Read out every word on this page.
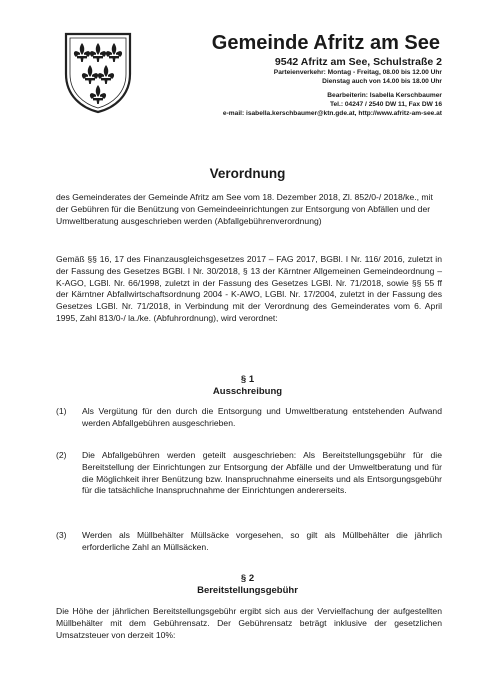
Gemeinde Afritz am See
9542 Afritz am See, Schulstraße 2
Parteienverkehr: Montag - Freitag, 08.00 bis 12.00 Uhr
Dienstag auch von 14.00 bis 18.00 Uhr
Bearbeiterin: Isabella Kerschbaumer
Tel.: 04247 / 2540 DW 11, Fax DW 16
e-mail: isabella.kerschbaumer@ktn.gde.at, http://www.afritz-am-see.at
Verordnung
des Gemeinderates der Gemeinde Afritz am See vom 18. Dezember 2018, Zl. 852/0-/ 2018/ke., mit der Gebühren für die Benützung von Gemeindeeinrichtungen zur Entsorgung von Abfällen und der Umweltberatung ausgeschrieben werden (Abfallgebührenverordnung)
Gemäß §§ 16, 17 des Finanzausgleichsgesetzes 2017 – FAG 2017, BGBl. I Nr. 116/ 2016, zuletzt in der Fassung des Gesetzes BGBl. I Nr. 30/2018, § 13 der Kärntner Allgemeinen Gemeindeordnung – K-AGO, LGBl. Nr. 66/1998, zuletzt in der Fassung des Gesetzes LGBl. Nr. 71/2018, sowie §§ 55 ff der Kärntner Abfallwirtschaftsordnung 2004 - K-AWO, LGBl. Nr. 17/2004, zuletzt in der Fassung des Gesetzes LGBl. Nr. 71/2018, in Verbindung mit der Verordnung des Gemeinderates vom 6. April 1995, Zahl 813/0-/ la./ke. (Abfuhrordnung), wird verordnet:
§ 1
Ausschreibung
(1) Als Vergütung für den durch die Entsorgung und Umweltberatung entstehenden Aufwand werden Abfallgebühren ausgeschrieben.
(2) Die Abfallgebühren werden geteilt ausgeschrieben: Als Bereitstellungsgebühr für die Bereitstellung der Einrichtungen zur Entsorgung der Abfälle und der Umweltberatung und für die Möglichkeit ihrer Benützung bzw. Inanspruchnahme einerseits und als Entsorgungsgebühr für die tatsächliche Inanspruchnahme der Einrichtungen andererseits.
(3) Werden als Müllbehälter Müllsäcke vorgesehen, so gilt als Müllbehälter die jährlich erforderliche Zahl an Müllsäcken.
§ 2
Bereitstellungsgebühr
Die Höhe der jährlichen Bereitstellungsgebühr ergibt sich aus der Vervielfachung der aufgestellten Müllbehälter mit dem Gebührensatz. Der Gebührensatz beträgt inklusive der gesetzlichen Umsatzsteuer von derzeit 10%:
